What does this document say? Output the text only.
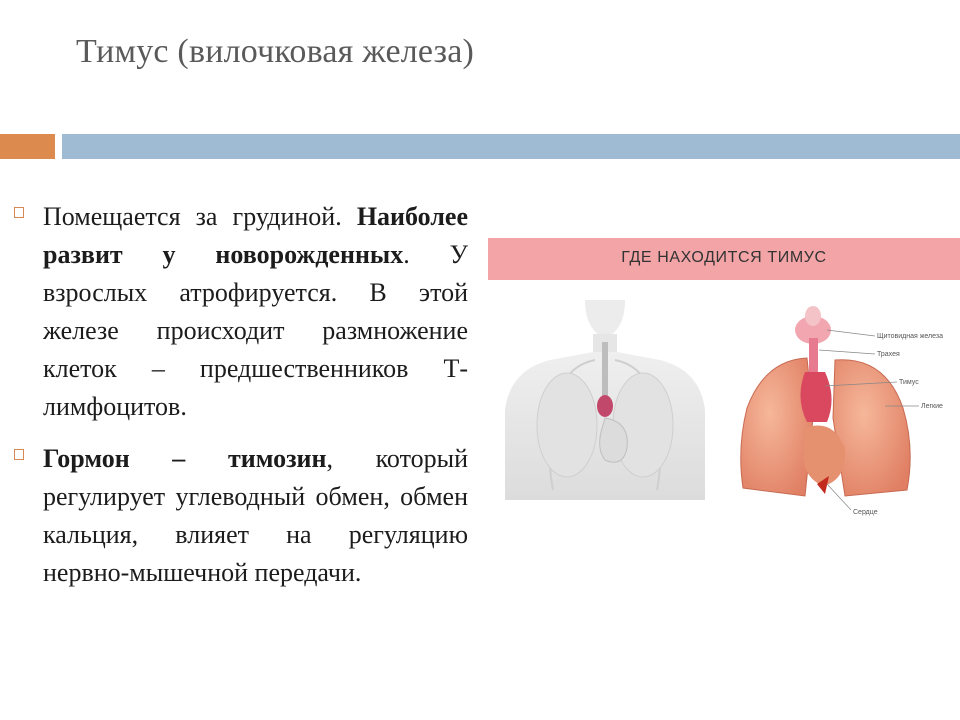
Тимус (вилочковая железа)
Помещается за грудиной. Наиболее развит у новорожденных. У взрослых атрофируется. В этой железе происходит размножение клеток – предшественников Т-лимфоцитов.
Гормон – тимозин, который регулирует углеводный обмен, обмен кальция, влияет на регуляцию нервно-мышечной передачи.
ГДЕ НАХОДИТСЯ ТИМУС
Щитовидная железа
Трахея
Тимус
Легкие
Сердце
